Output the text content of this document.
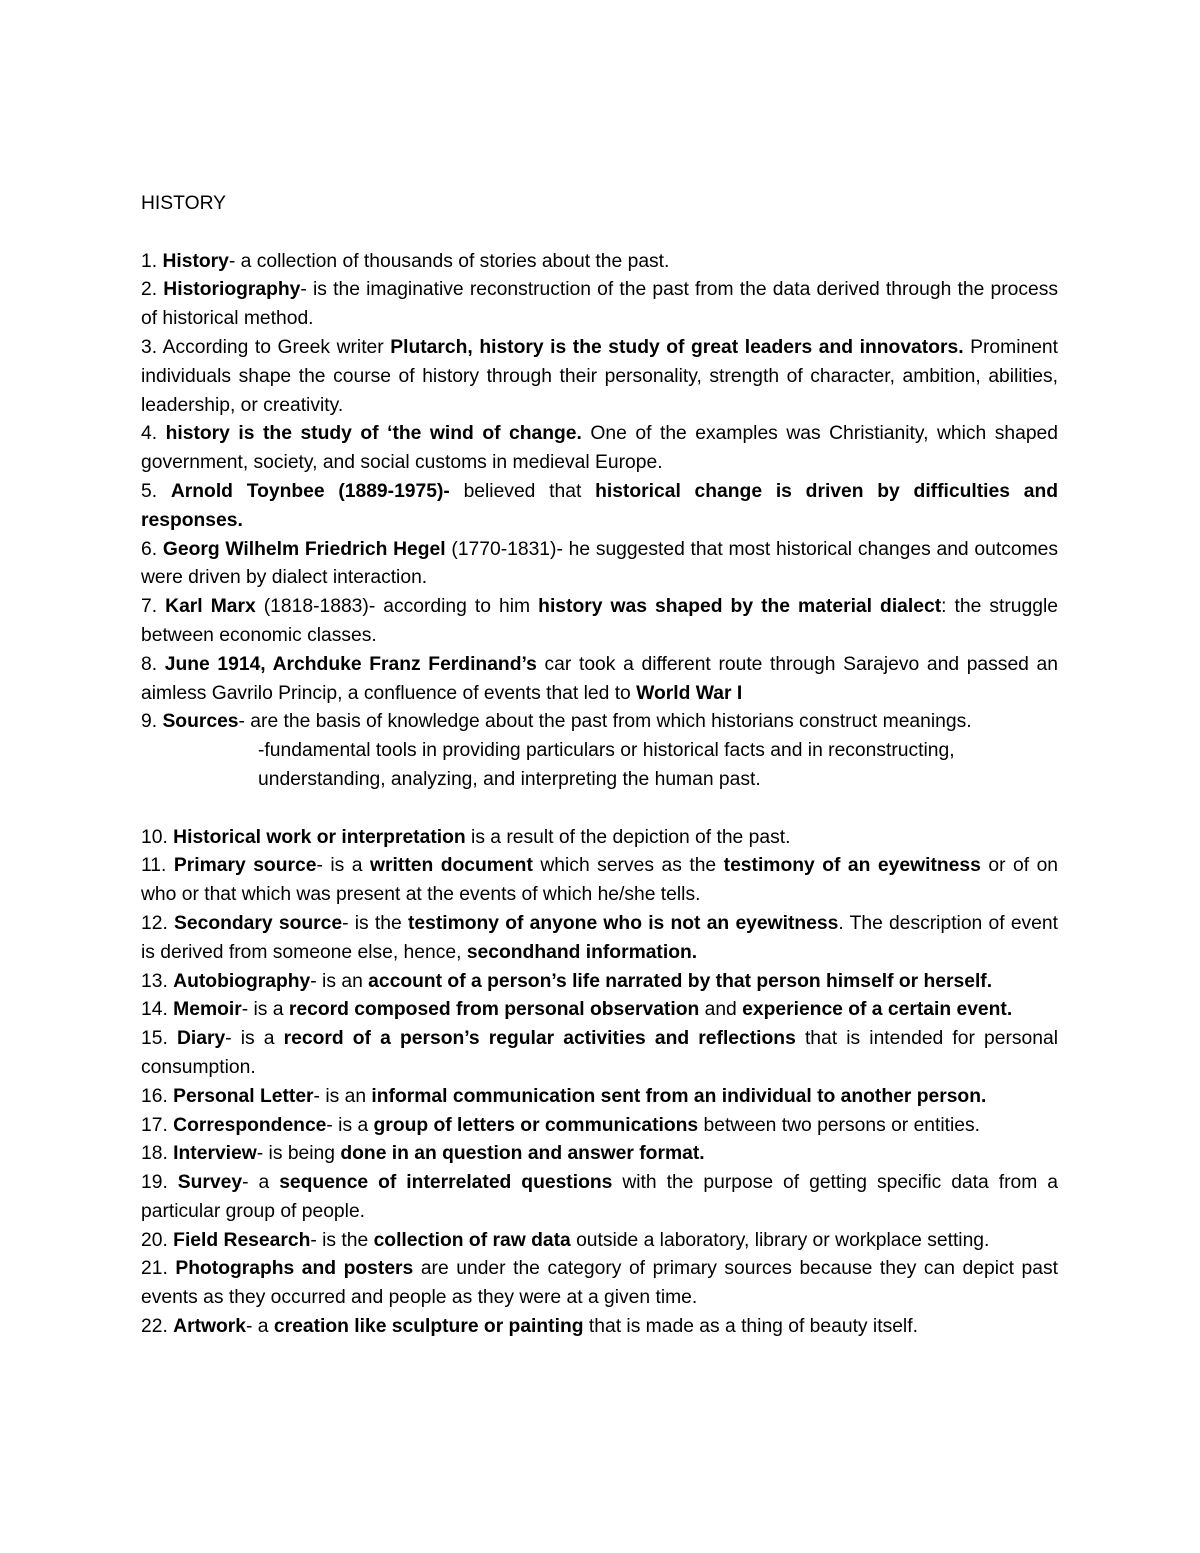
HISTORY

1. History- a collection of thousands of stories about the past.

2. Historiography- is the imaginative reconstruction of the past from the data derived through the process of historical method.

3. According to Greek writer Plutarch, history is the study of great leaders and innovators. Prominent individuals shape the course of history through their personality, strength of character, ambition, abilities, leadership, or creativity.

4. history is the study of ‘the wind of change. One of the examples was Christianity, which shaped government, society, and social customs in medieval Europe.

5. Arnold Toynbee (1889-1975)- believed that historical change is driven by difficulties and responses.

6. Georg Wilhelm Friedrich Hegel (1770-1831)- he suggested that most historical changes and outcomes were driven by dialect interaction.

7. Karl Marx (1818-1883)- according to him history was shaped by the material dialect: the struggle between economic classes.

8. June 1914, Archduke Franz Ferdinand’s car took a different route through Sarajevo and passed an aimless Gavrilo Princip, a confluence of events that led to World War I

9. Sources- are the basis of knowledge about the past from which historians construct meanings.

-fundamental tools in providing particulars or historical facts and in reconstructing, understanding, analyzing, and interpreting the human past.

10. Historical work or interpretation is a result of the depiction of the past.

11. Primary source- is a written document which serves as the testimony of an eyewitness or of on who or that which was present at the events of which he/she tells.

12. Secondary source- is the testimony of anyone who is not an eyewitness. The description of event is derived from someone else, hence, secondhand information.

13. Autobiography- is an account of a person’s life narrated by that person himself or herself.

14. Memoir- is a record composed from personal observation and experience of a certain event.

15. Diary- is a record of a person’s regular activities and reflections that is intended for personal consumption.

16. Personal Letter- is an informal communication sent from an individual to another person.

17. Correspondence- is a group of letters or communications between two persons or entities.

18. Interview- is being done in an question and answer format.

19. Survey- a sequence of interrelated questions with the purpose of getting specific data from a particular group of people.

20. Field Research- is the collection of raw data outside a laboratory, library or workplace setting.

21. Photographs and posters are under the category of primary sources because they can depict past events as they occurred and people as they were at a given time.

22. Artwork- a creation like sculpture or painting that is made as a thing of beauty itself.
